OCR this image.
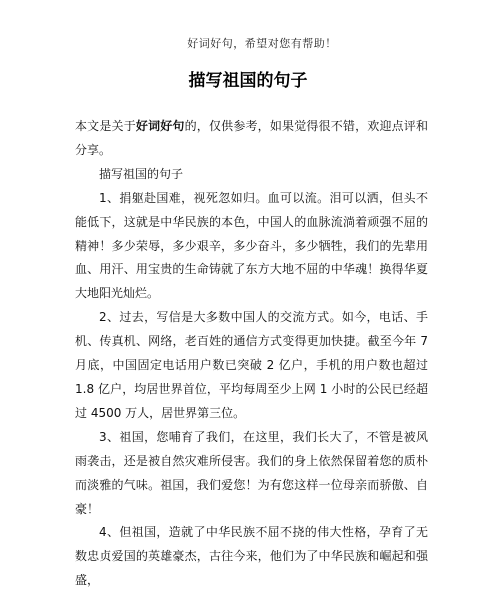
好词好句，希望对您有帮助！
描写祖国的句子

本文是关于好词好句的，仅供参考，如果觉得很不错，欢迎点评和分享。

描写祖国的句子

1、捐躯赴国难，视死忽如归。血可以流。泪可以洒，但头不能低下，这就是中华民族的本色，中国人的血脉流淌着顽强不屈的精神！多少荣辱，多少艰辛，多少奋斗，多少牺牲，我们的先辈用血、用汗、用宝贵的生命铸就了东方大地不屈的中华魂！换得华夏大地阳光灿烂。

2、过去，写信是大多数中国人的交流方式。如今，电话、手机、传真机、网络，老百姓的通信方式变得更加快捷。截至今年 7 月底，中国固定电话用户数已突破 2 亿户，手机的用户数也超过 1.8 亿户，均居世界首位，平均每周至少上网 1 小时的公民已经超过 4500 万人，居世界第三位。

3、祖国，您哺育了我们，在这里，我们长大了，不管是被风雨袭击，还是被自然灾难所侵害。我们的身上依然保留着您的质朴而淡雅的气味。祖国，我们爱您！为有您这样一位母亲而骄傲、自豪！

4、但祖国，造就了中华民族不屈不挠的伟大性格，孕育了无数忠贞爱国的英雄豪杰，古往今来，他们为了中华民族和崛起和强盛，
